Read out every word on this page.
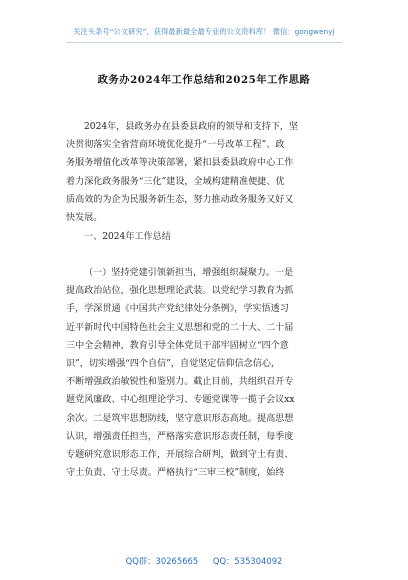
关注头条号“公文研究”，获得最新最全最专业的公文资料库！ 微信：gongwenyj
政务办2024年工作总结和2025年工作思路
2024年，县政务办在县委县政府的领导和支持下，坚
决贯彻落实全省营商环境优化提升“一号改革工程”、政
务服务增值化改革等决策部署，紧扣县委县政府中心工作
着力深化政务服务“三化”建设，全域构建精准便捷、优
质高效的为企为民服务新生态，努力推动政务服务又好又
快发展。
一、2024年工作总结
（一）坚持党建引领新担当，增强组织凝聚力。一是
提高政治站位，强化思想理论武装。以党纪学习教育为抓
手，学深贯通《中国共产党纪律处分条例》，学实悟透习
近平新时代中国特色社会主义思想和党的二十大、二十届
三中全会精神，教育引导全体党员干部牢固树立“四个意
识”，切实增强“四个自信”，自觉坚定信仰信念信心，
不断增强政治敏锐性和鉴别力。截止目前，共组织召开专
题党风廉政、中心组理论学习、专题党课等一揽子会议xx
余次。二是筑牢思想防线，坚守意识形态高地。提高思想
认识，增强责任担当，严格落实意识形态责任制，每季度
专题研究意识形态工作，开展综合研判，做到守土有责、
守土负责、守土尽责。严格执行“三审三校”制度，始终
QQ群：30265665 QQ：535304092
